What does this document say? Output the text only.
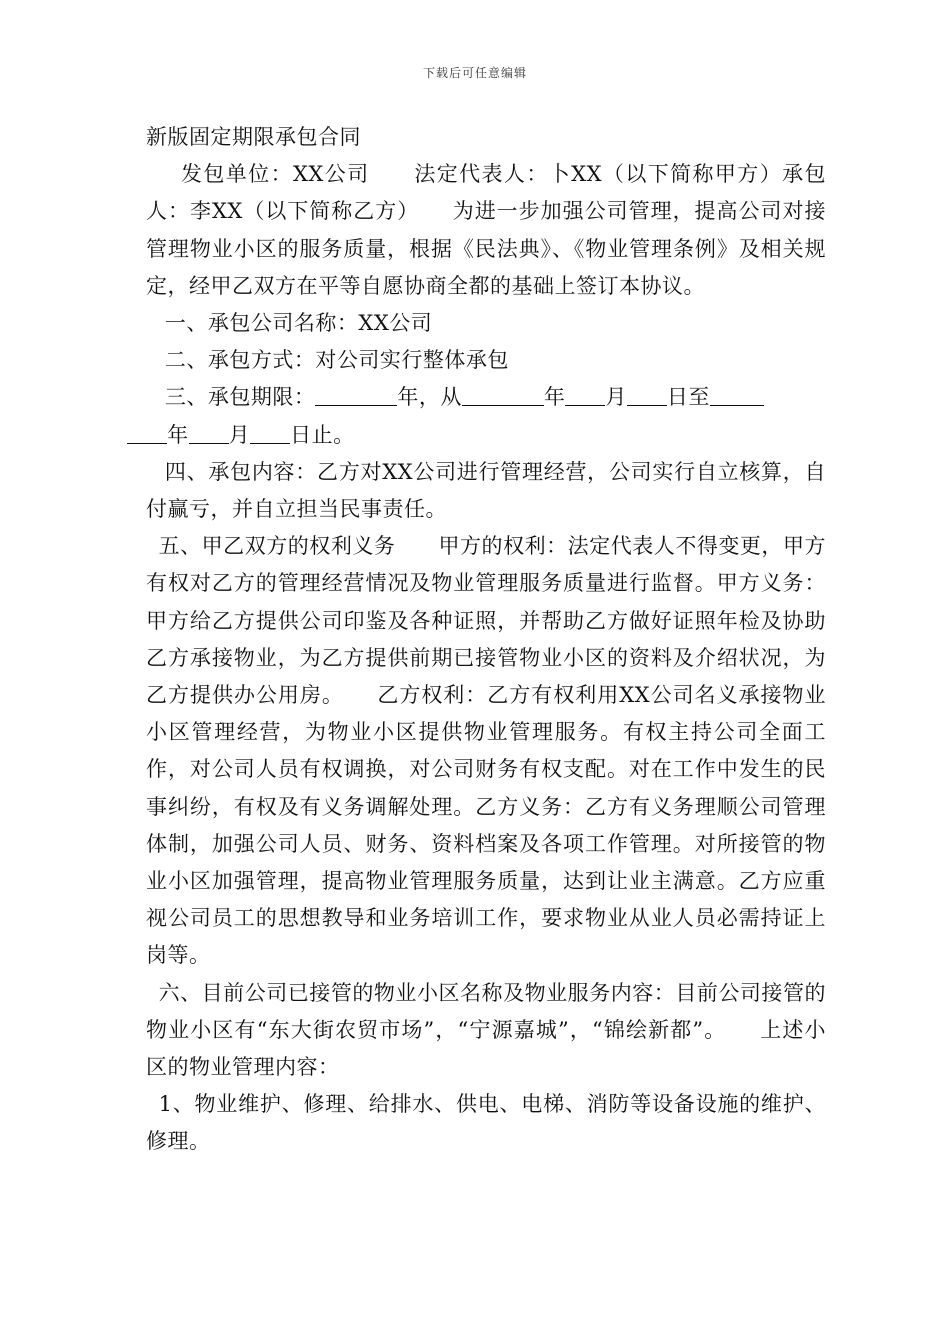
下载后可任意编辑

新版固定期限承包合同

　发包单位：XX公司　　法定代表人：卜XX（以下简称甲方）承包人：李XX（以下简称乙方）　　为进一步加强公司管理，提高公司对接管理物业小区的服务质量，根据《民法典》、《物业管理条例》及相关规定，经甲乙双方在平等自愿协商全都的基础上签订本协议。

一、承包公司名称：XX公司

二、承包方式：对公司实行整体承包

三、承包期限：	年，从	年 月 日至
年 月 日止。

四、承包内容：乙方对XX公司进行管理经营，公司实行自立核算，自付赢亏，并自立担当民事责任。

五、甲乙双方的权利义务　　甲方的权利：法定代表人不得变更，甲方有权对乙方的管理经营情况及物业管理服务质量进行监督。甲方义务：甲方给乙方提供公司印鉴及各种证照，并帮助乙方做好证照年检及协助乙方承接物业，为乙方提供前期已接管物业小区的资料及介绍状况，为乙方提供办公用房。　　乙方权利：乙方有权利用XX公司名义承接物业小区管理经营，为物业小区提供物业管理服务。有权主持公司全面工作，对公司人员有权调换，对公司财务有权支配。对在工作中发生的民事纠纷，有权及有义务调解处理。乙方义务：乙方有义务理顺公司管理体制，加强公司人员、财务、资料档案及各项工作管理。对所接管的物业小区加强管理，提高物业管理服务质量，达到让业主满意。乙方应重视公司员工的思想教导和业务培训工作，要求物业从业人员必需持证上岗等。

六、目前公司已接管的物业小区名称及物业服务内容：目前公司接管的物业小区有“东大街农贸市场”，“宁源嘉城”，“锦绘新都”。　　上述小区的物业管理内容：

1、物业维护、修理、给排水、供电、电梯、消防等设备设施的维护、修理。
